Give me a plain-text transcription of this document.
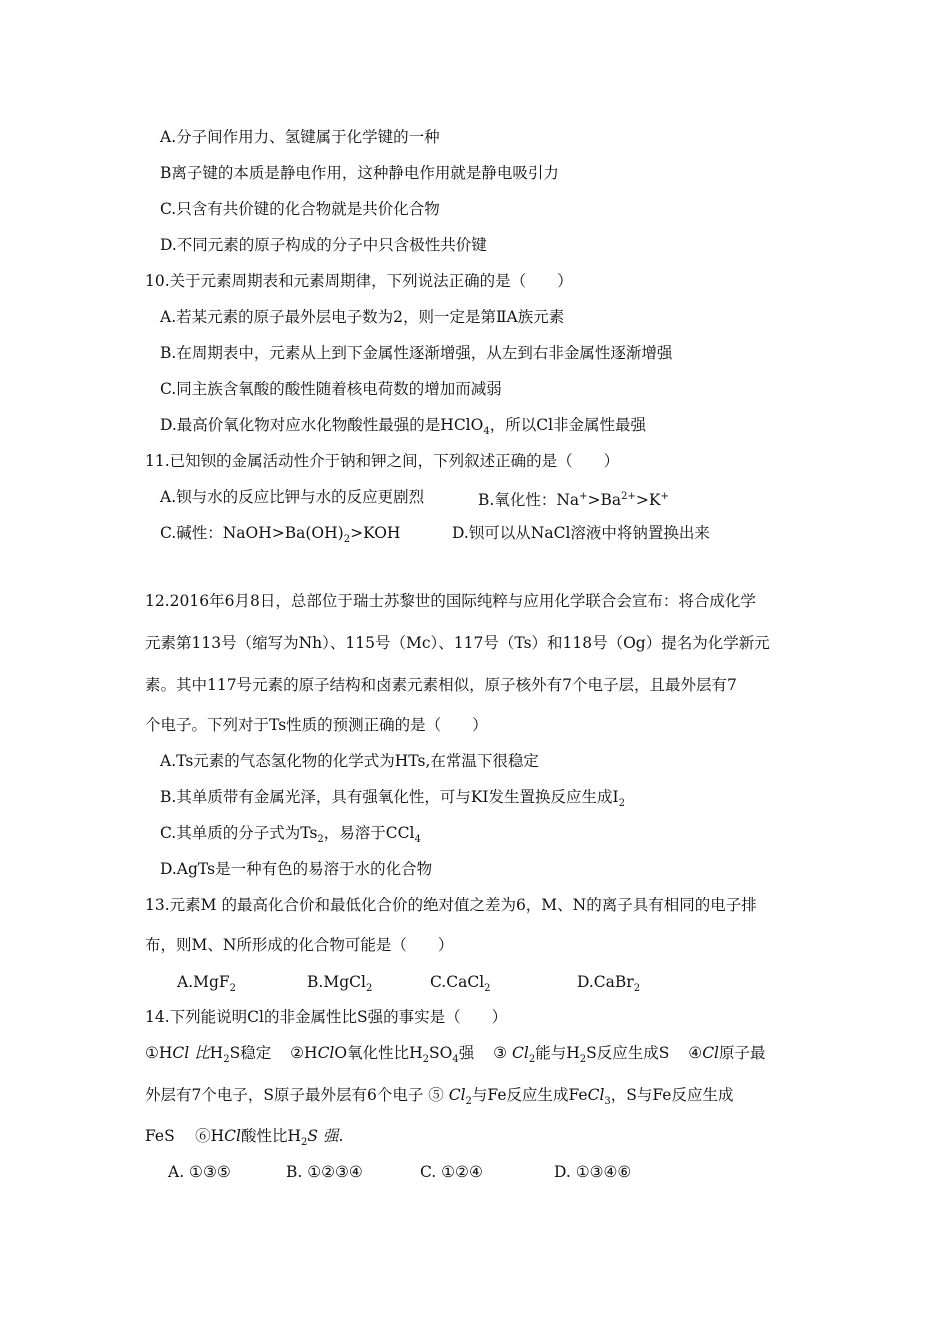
A.分子间作用力、氢键属于化学键的一种
B离子键的本质是静电作用，这种静电作用就是静电吸引力
C.只含有共价键的化合物就是共价化合物
D.不同元素的原子构成的分子中只含极性共价键
10.关于元素周期表和元素周期律，下列说法正确的是（　　）
A.若某元素的原子最外层电子数为2，则一定是第ⅡA族元素
B.在周期表中，元素从上到下金属性逐渐增强，从左到右非金属性逐渐增强
C.同主族含氧酸的酸性随着核电荷数的增加而减弱
D.最高价氧化物对应水化物酸性最强的是HClO$_4$，所以Cl非金属性最强
11.已知钡的金属活动性介于钠和钾之间，下列叙述正确的是（　　）
A.钡与水的反应比钾与水的反应更剧烈	B.氧化性：$Na^+>Ba^{2+}>K^+$
C.碱性：$NaOH>Ba(OH)_2>KOH$	D.钡可以从NaCl溶液中将钠置换出来
12.2016年6月8日，总部位于瑞士苏黎世的国际纯粹与应用化学联合会宣布：将合成化学
元素第113号（缩写为Nh）、115号（Mc）、117号（Ts）和118号（Og）提名为化学新元
素。其中117号元素的原子结构和卤素元素相似，原子核外有7个电子层，且最外层有7
个电子。下列对于Ts性质的预测正确的是（　　）
A.Ts元素的气态氢化物的化学式为HTs,在常温下很稳定
B.其单质带有金属光泽，具有强氧化性，可与KI发生置换反应生成$I_2$
C.其单质的分子式为$Ts_2$，易溶于CCl$_4$
D.AgTs是一种有色的易溶于水的化合物
13.元素M 的最高化合价和最低化合价的绝对值之差为6，M、N的离子具有相同的电子排
布，则M、N所形成的化合物可能是（　　）
A.MgF$_2$	B.MgCl$_2$	C.CaCl$_2$	D.CaBr$_2$
14.下列能说明Cl的非金属性比S强的事实是（　　）
①HCl 比$H_2S$稳定 ②HClO氧化性比$H_2SO_4$强 ③ $Cl_2$能与$H_2S$反应生成S ④Cl原子最
外层有7个电子，S原子最外层有6个电子 ⑤ $Cl_2$与Fe反应生成FeCl$_3$，S与Fe反应生成
FeS　 ⑥HCl酸性比$H_2S$ 强.
A. ①③⑤	B. ①②③④	C. ①②④	D. ①③④⑥
